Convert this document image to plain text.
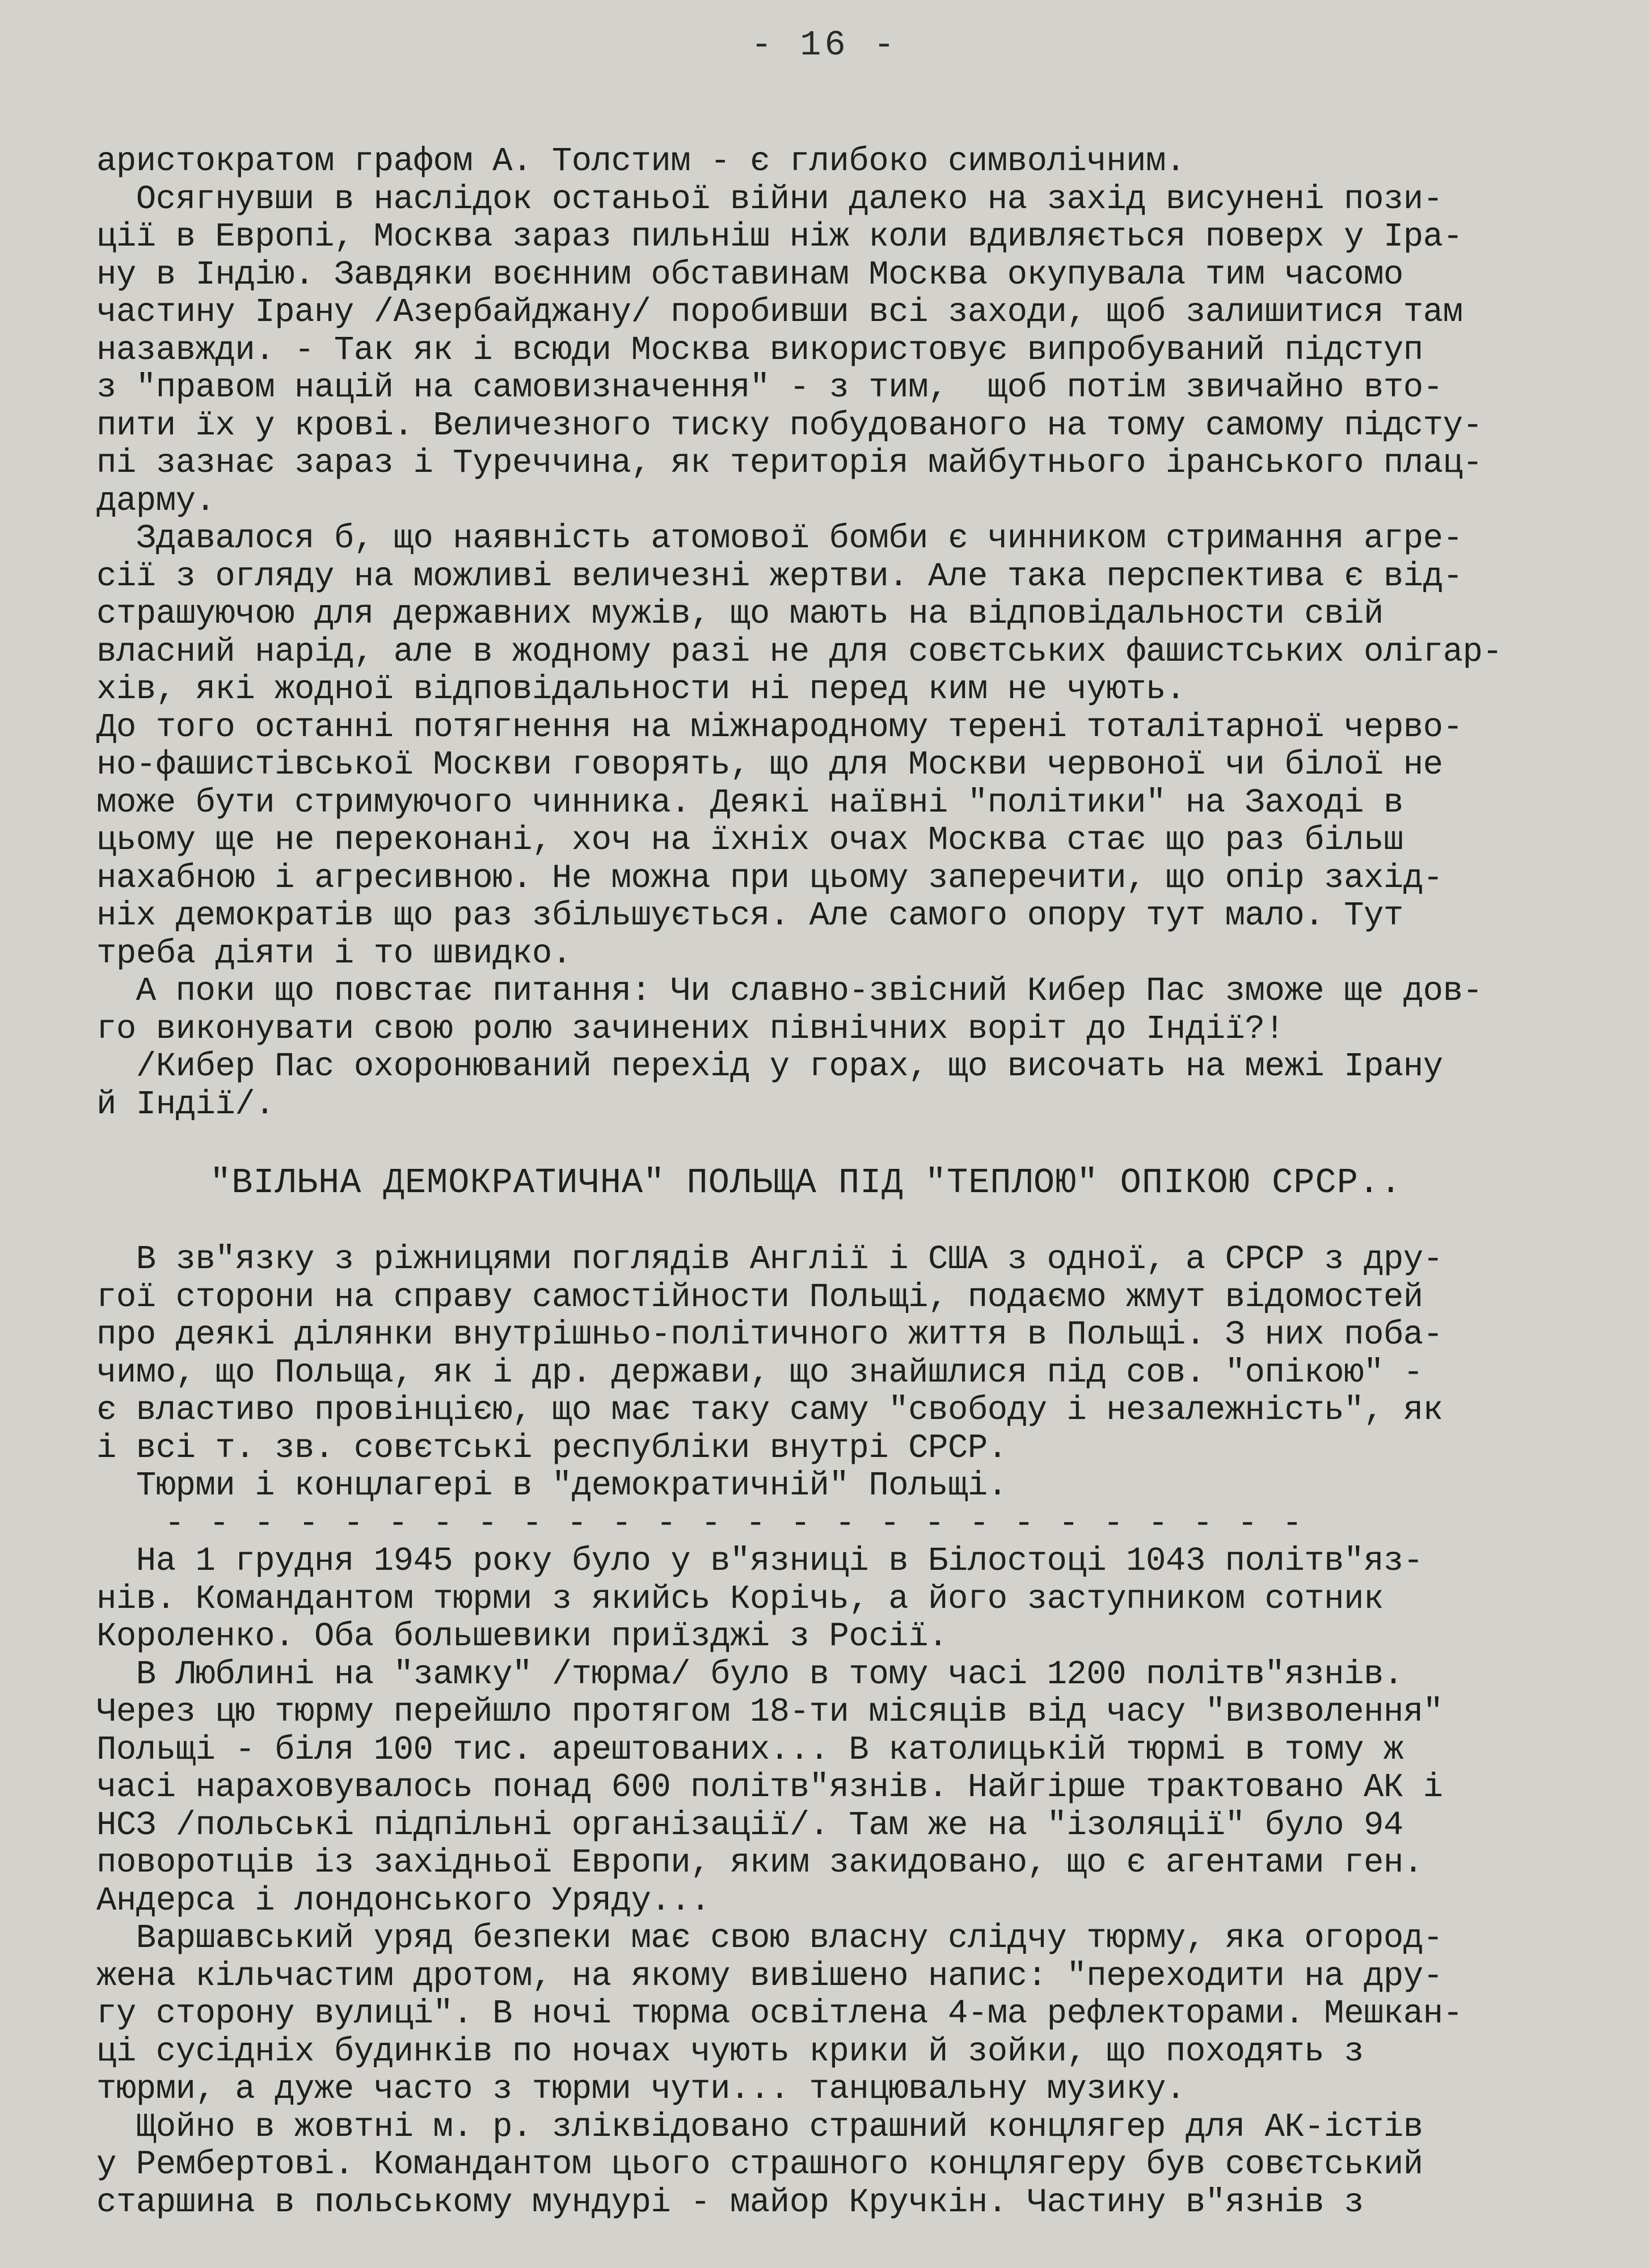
- 16 -
аристократом графом А. Толстим - є глибоко символічним.
Осягнувши в наслідок останьої війни далеко на захід висунені пози-
ції в Европі, Москва зараз пильніш ніж коли вдивляється поверх у Ірa-
ну в Індію. Завдяки воєнним обставинам Москва окупувала тим часомо
частину Ірану /Азербайджану/ поробивши всі заходи, щоб залишитися там
назавжди. - Так як і всюди Москва використовує випробуваний підступ
з "правом націй на самовизначення" - з тим,  щоб потім звичайно вто-
пити їх у крові. Величезного тиску побудованого на тому самому підсту-
пі зазнає зараз і Туреччина, як територія майбутнього іранського плац-
дарму.
Здавалося б, що наявність атомової бомби є чинником стримання агре-
сії з огляду на можливі величезні жертви. Але така перспектива є від-
страшуючою для державних мужів, що мають на відповідальности свій
власний нарід, але в жодному разі не для совєтських фашистських олігар-
хів, які жодної відповідальности ні перед ким не чують.
До того останні потягнення на міжнародному терені тоталітарної черво-
но-фашистівської Москви говорять, що для Москви червоної чи білої не
може бути стримуючого чинника. Деякі наївні "політики" на Заході в
цьому ще не переконані, хоч на їхніх очах Москва стає що раз більш
нахабною і агресивною. Не можна при цьому заперечити, що опір захід-
ніх демократів що раз збільшується. Але самого опору тут мало. Тут
треба діяти і то швидко.
А поки що повстає питання: Чи славно-звісний Кибер Пас зможе ще дов-
го виконувати свою ролю зачинених північних воріт до Індії?!
/Кибер Пас охоронюваний перехід у горах, що височать на межі Ірану
й Індії/.
"ВІЛЬНА ДЕМОКРАТИЧНА" ПОЛЬЩА ПІД "ТЕПЛОЮ" ОПІКОЮ СРСР..
В зв"язку з ріжницями поглядів Англії і США з одної, а СРСР з дру-
гої сторони на справу самостійности Польщі, подаємо жмут відомостей
про деякі ділянки внутрішньо-політичного життя в Польщі. З них поба-
чимо, що Польща, як і др. держави, що знайшлися під сов. "опікою" -
є властиво провінцією, що має таку саму "свободу і незалежність", як
і всі т. зв. совєтські республіки внутрі СРСР.
Тюрми і концлагері в "демократичній" Польщі.
- - - - - - - - - - - - - - - - - - - - - - - - - -
На 1 грудня 1945 року було у в"язниці в Білостоці 1043 політв"яз-
нів. Командантом тюрми з якийсь Корічь, а його заступником сотник
Короленко. Оба большевики приїзджі з Росії.
В Люблині на "замку" /тюрма/ було в тому часі 1200 політв"язнів.
Через цю тюрму перейшло протягом 18-ти місяців від часу "визволення"
Польщі - біля 100 тис. арештованих... В католицькій тюрмі в тому ж
часі нараховувалось понад 600 політв"язнів. Найгірше трактовано АК і
НСЗ /польські підпільні організації/. Там же на "ізоляції" було 94
поворотців із західньої Европи, яким закидовано, що є агентами ген.
Андерса і лондонського Уряду...
Варшавський уряд безпеки має свою власну слідчу тюрму, яка огород-
жена кільчастим дротом, на якому вивішено напис: "переходити на дру-
гу сторону вулиці". В ночі тюрма освітлена 4-ма рефлекторами. Мешкан-
ці сусідніх будинків по ночах чують крики й зойки, що походять з
тюрми, а дуже часто з тюрми чути... танцювальну музику.
Щойно в жовтні м. р. зліквідовано страшний концлягер для АК-істів
у Рембертові. Командантом цього страшного концлягеру був совєтський
старшина в польському мундурі - майор Кручкін. Частину в"язнів з
